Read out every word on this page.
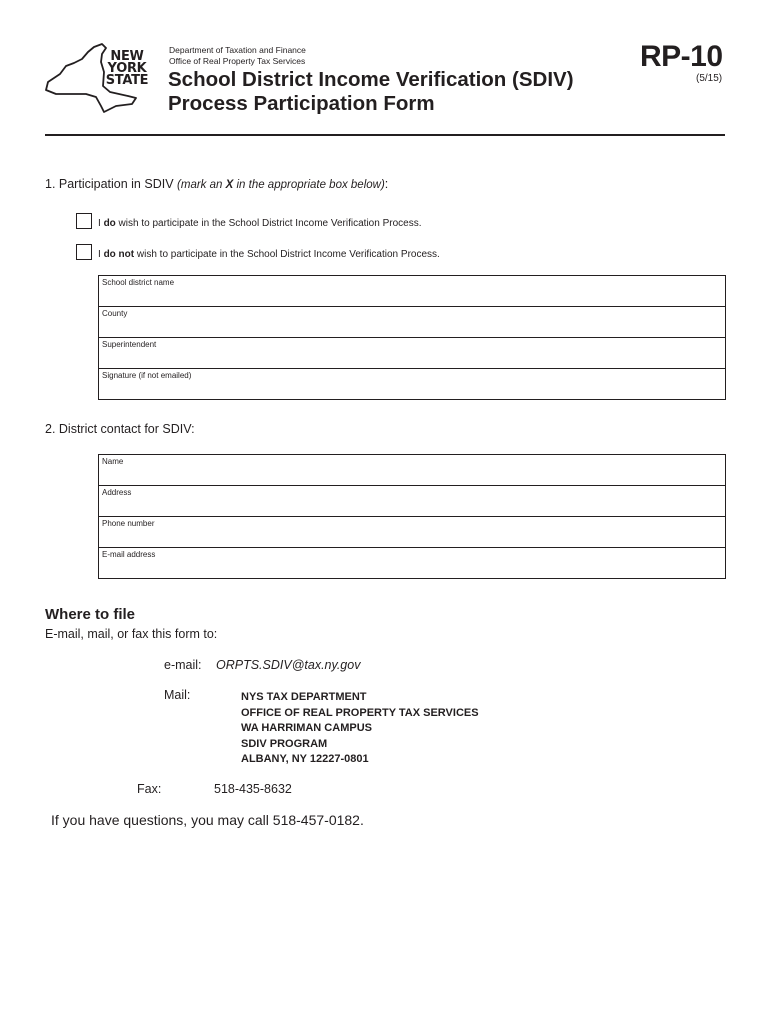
NEW
YORK
STATE
Department of Taxation and Finance
Office of Real Property Tax Services
School District Income Verification (SDIV)
Process Participation Form
RP-10
(5/15)
1. Participation in SDIV (mark an X in the appropriate box below):
I do wish to participate in the School District Income Verification Process.
I do not wish to participate in the School District Income Verification Process.
School district name
County
Superintendent
Signature (if not emailed)
2. District contact for SDIV:
Name
Address
Phone number
E-mail address
Where to file
E-mail, mail, or fax this form to:
e-mail: ORPTS.SDIV@tax.ny.gov
Mail:	NYS TAX DEPARTMENT
OFFICE OF REAL PROPERTY TAX SERVICES
WA HARRIMAN CAMPUS
SDIV PROGRAM
ALBANY, NY 12227-0801
Fax:	518-435-8632
If you have questions, you may call 518-457-0182.
